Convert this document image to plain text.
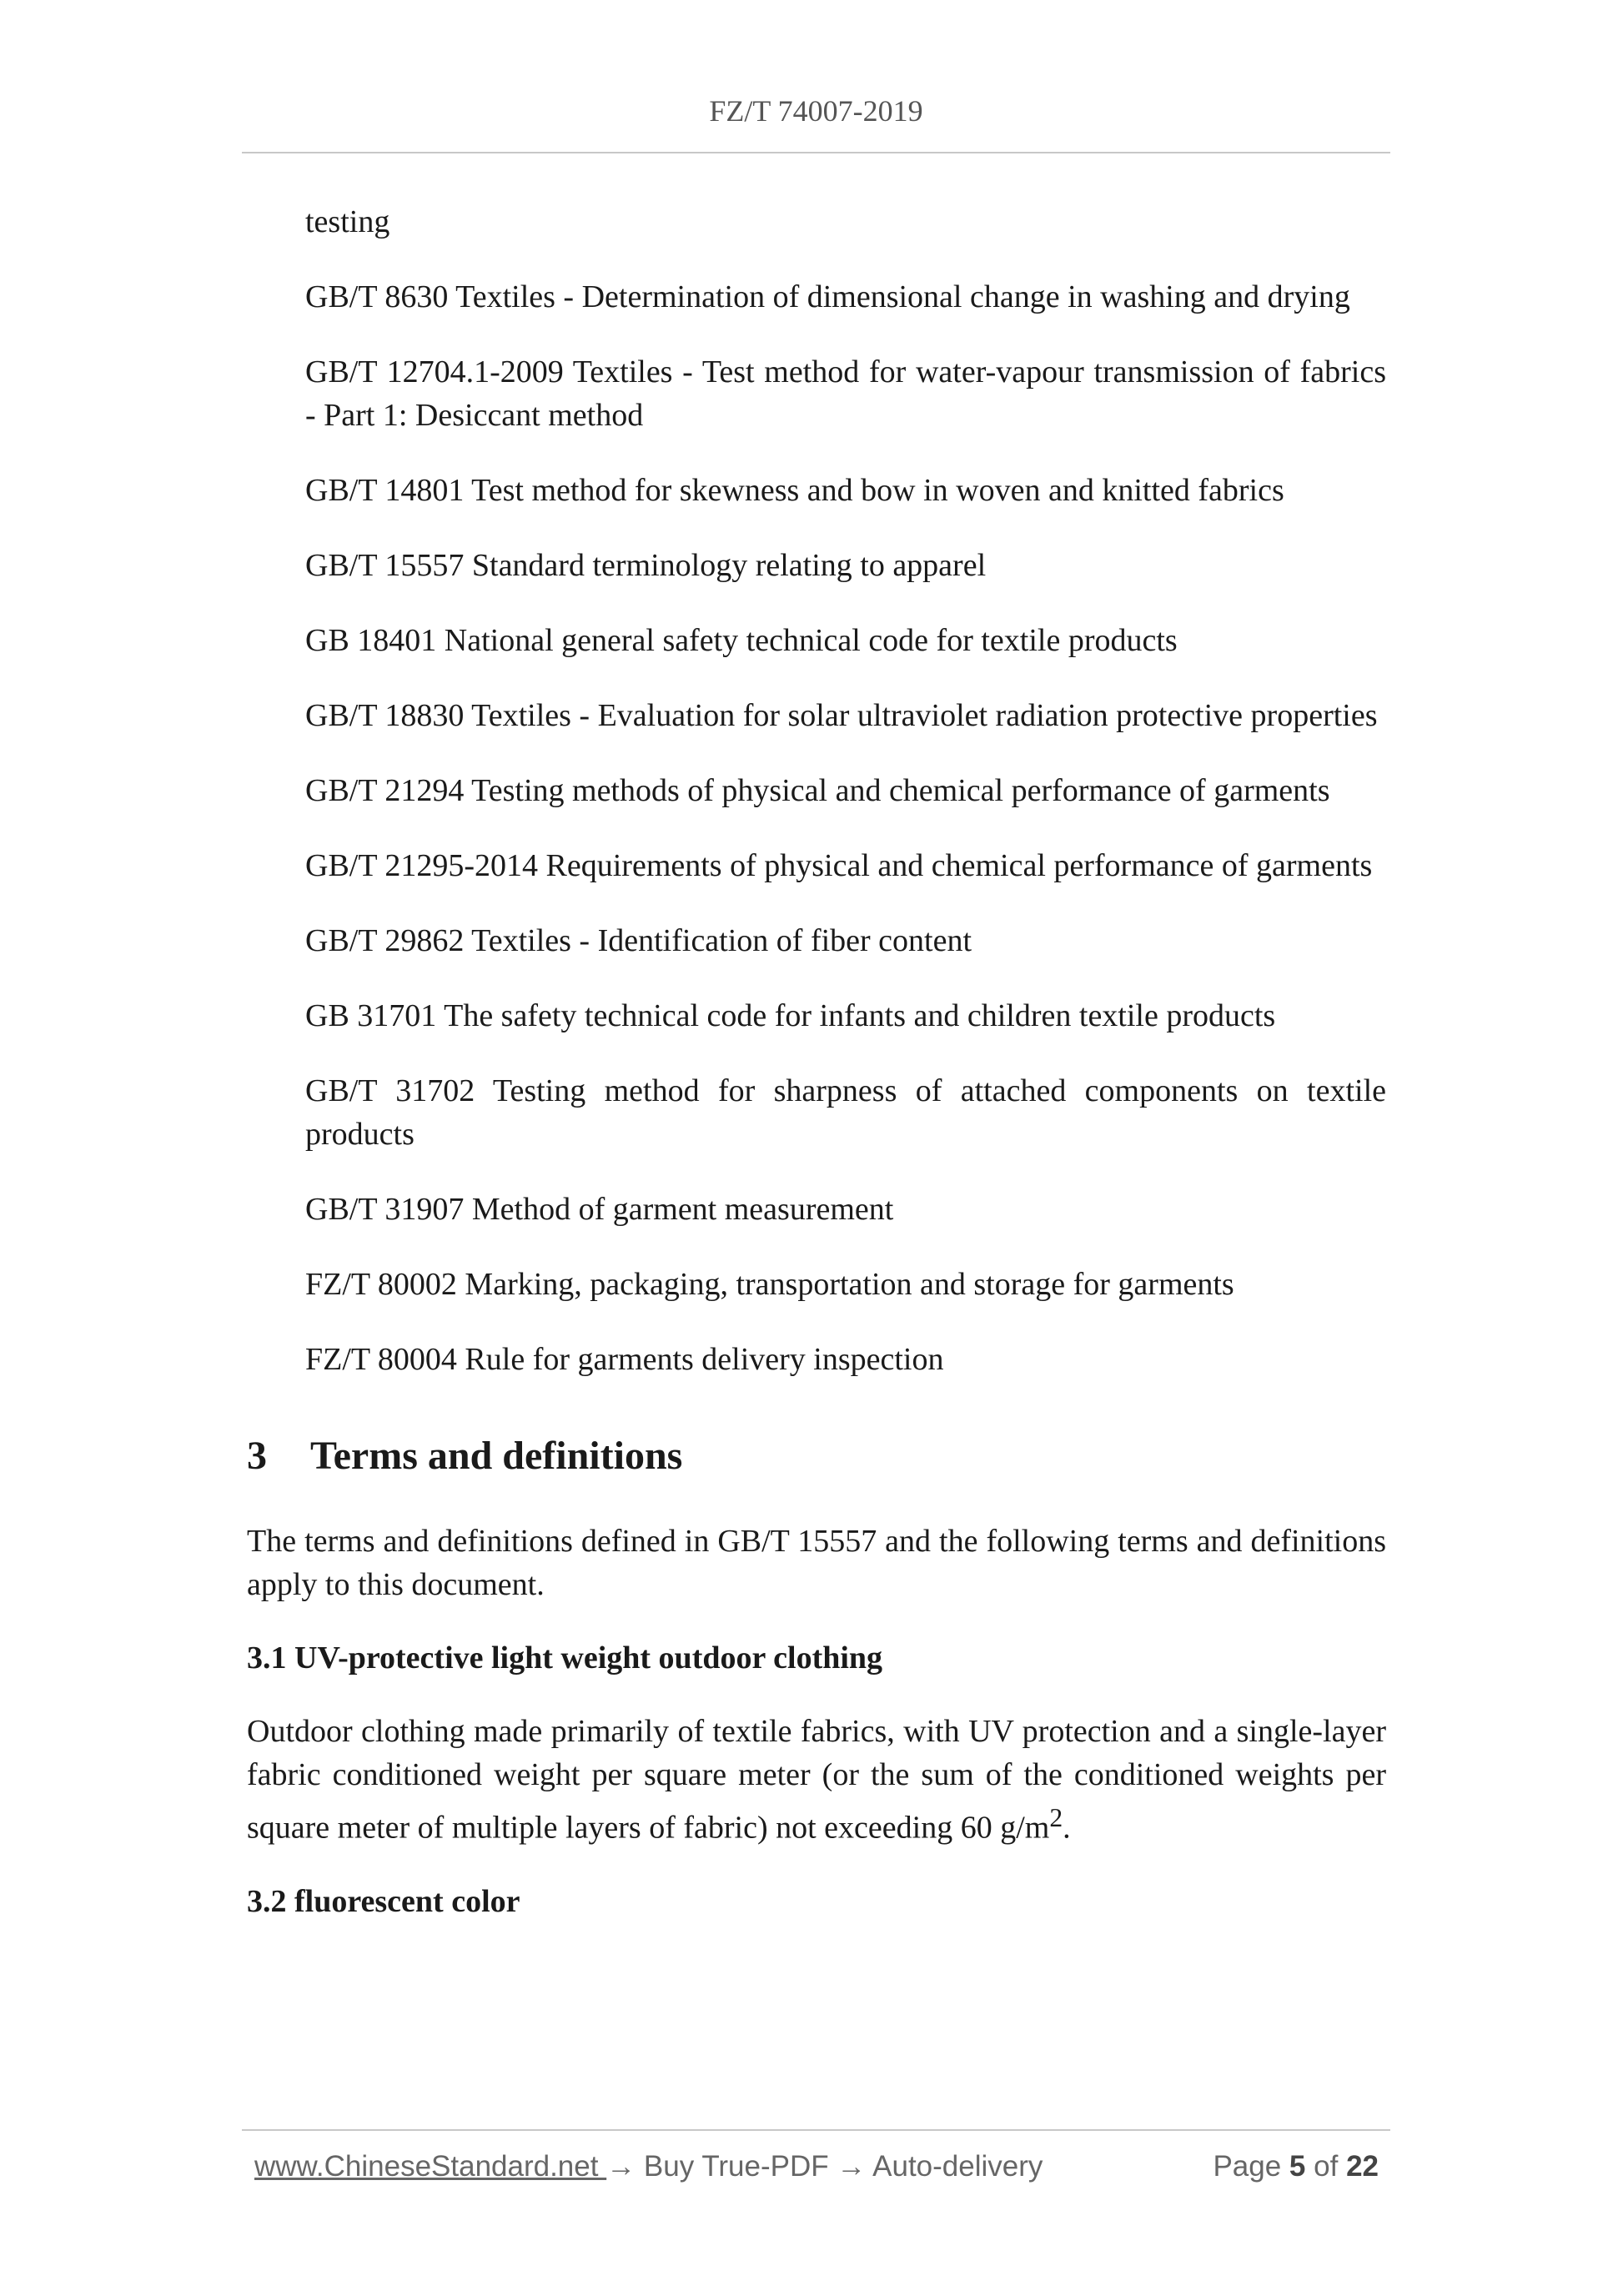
FZ/T 74007-2019
testing
GB/T 8630 Textiles - Determination of dimensional change in washing and drying
GB/T 12704.1-2009 Textiles - Test method for water-vapour transmission of fabrics - Part 1: Desiccant method
GB/T 14801 Test method for skewness and bow in woven and knitted fabrics
GB/T 15557 Standard terminology relating to apparel
GB 18401 National general safety technical code for textile products
GB/T 18830 Textiles - Evaluation for solar ultraviolet radiation protective properties
GB/T 21294 Testing methods of physical and chemical performance of garments
GB/T 21295-2014 Requirements of physical and chemical performance of garments
GB/T 29862 Textiles - Identification of fiber content
GB 31701 The safety technical code for infants and children textile products
GB/T 31702 Testing method for sharpness of attached components on textile products
GB/T 31907 Method of garment measurement
FZ/T 80002 Marking, packaging, transportation and storage for garments
FZ/T 80004 Rule for garments delivery inspection
3 Terms and definitions

The terms and definitions defined in GB/T 15557 and the following terms and definitions apply to this document.

3.1 UV-protective light weight outdoor clothing

Outdoor clothing made primarily of textile fabrics, with UV protection and a single-layer fabric conditioned weight per square meter (or the sum of the conditioned weights per square meter of multiple layers of fabric) not exceeding 60 $g/m^2$.

3.2 fluorescent color
www.ChineseStandard.net → Buy True-PDF → Auto-delivery	Page 5 of 22
